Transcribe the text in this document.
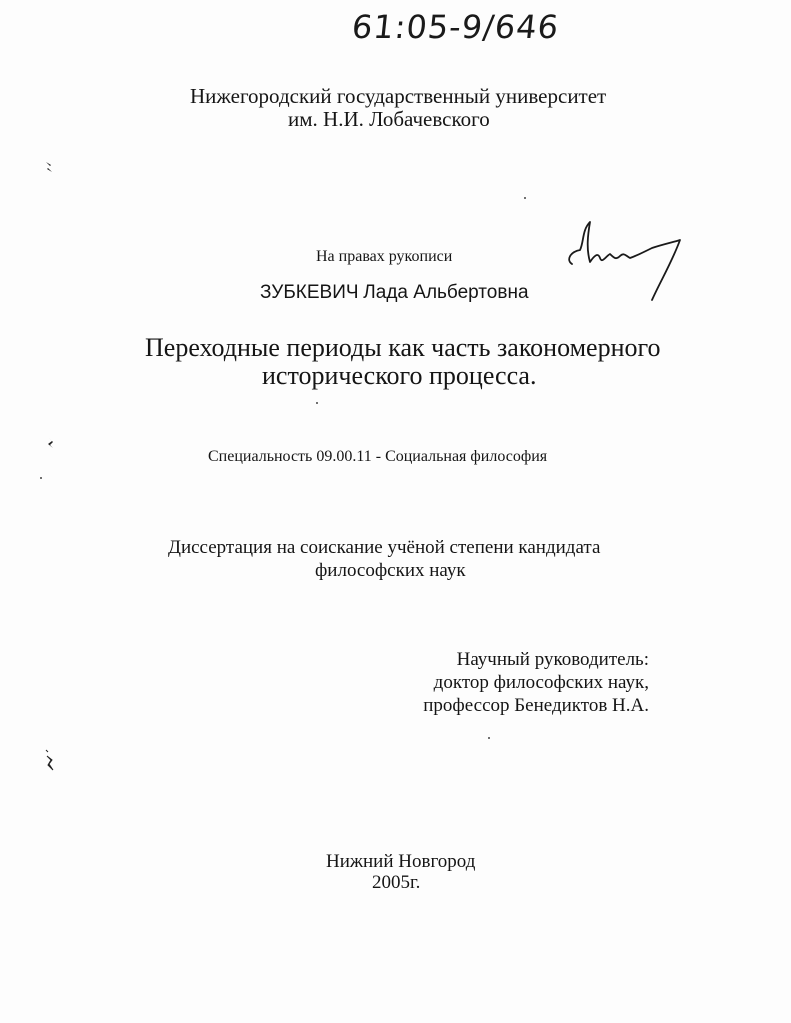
61:05-9/646
Нижегородский государственный университет
им. Н.И. Лобачевского
На правах рукописи
ЗУБКЕВИЧ Лада Альбертовна
Переходные периоды как часть закономерного
исторического процесса.
Специальность 09.00.11 - Социальная философия
Диссертация на соискание учёной степени кандидата
философских наук
Научный руководитель:
доктор философских наук,
профессор Бенедиктов Н.А.
Нижний Новгород
2005г.
